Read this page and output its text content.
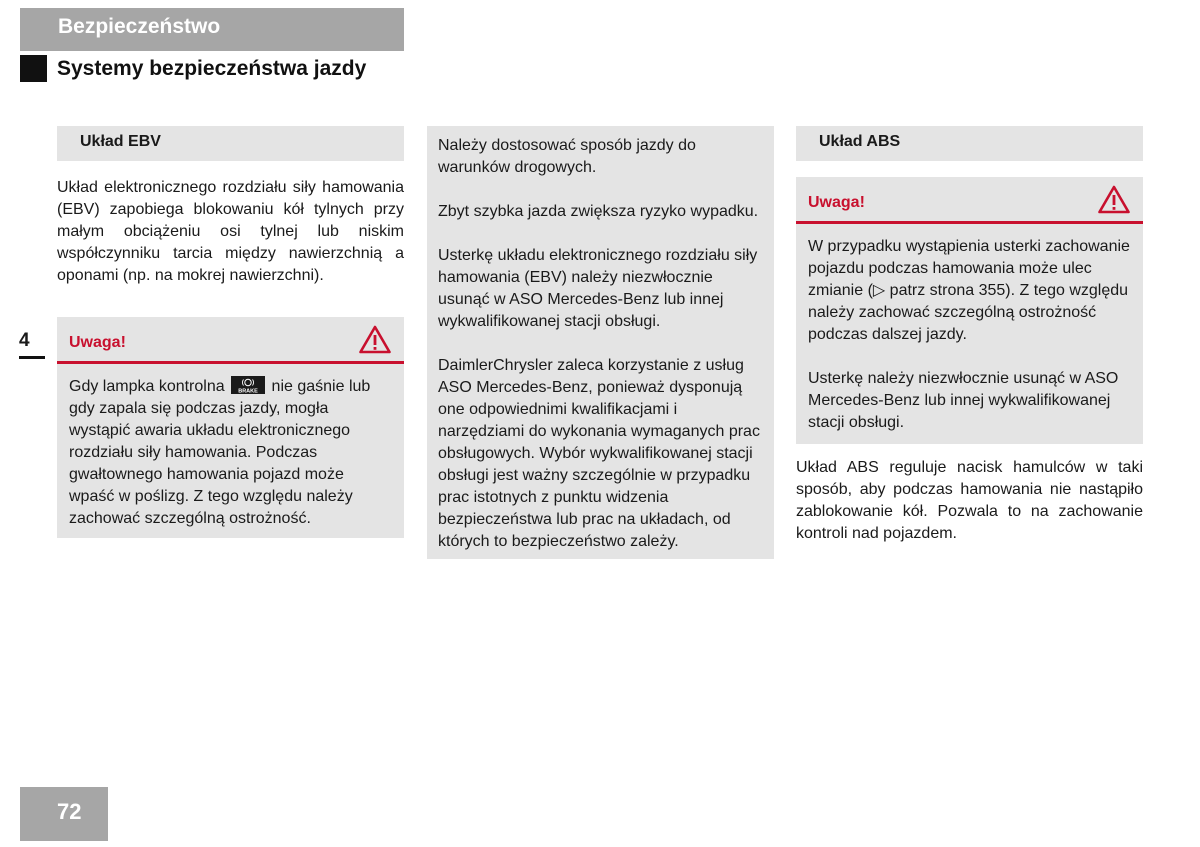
Bezpieczeństwo
Systemy bezpieczeństwa jazdy
4
Układ EBV

Układ elektronicznego rozdziału siły hamowania (EBV) zapobiega blokowaniu kół tylnych przy małym obciążeniu osi tylnej lub niskim współczynniku tarcia między nawierzchnią a oponami (np. na mokrej nawierzchni).

Uwaga!
Gdy lampka kontrolna BRAKE nie gaśnie lub gdy zapala się podczas jazdy, mogła wystąpić awaria układu elektronicznego rozdziału siły hamowania. Podczas gwałtownego hamowania pojazd może wpaść w poślizg. Z tego względu należy zachować szczególną ostrożność.

Należy dostosować sposób jazdy do warunków drogowych.

Zbyt szybka jazda zwiększa ryzyko wypadku.

Usterkę układu elektronicznego rozdziału siły hamowania (EBV) należy niezwłocznie usunąć w ASO Mercedes-Benz lub innej wykwalifikowanej stacji obsługi.

DaimlerChrysler zaleca korzystanie z usług ASO Mercedes-Benz, ponieważ dysponują one odpowiednimi kwalifikacjami i narzędziami do wykonania wymaganych prac obsługowych. Wybór wykwalifikowanej stacji obsługi jest ważny szczególnie w przypadku prac istotnych z punktu widzenia bezpieczeństwa lub prac na układach, od których to bezpieczeństwo zależy.

Układ ABS
Uwaga!

W przypadku wystąpienia usterki zachowanie pojazdu podczas hamowania może ulec zmianie (▷ patrz strona 355). Z tego względu należy zachować szczególną ostrożność podczas dalszej jazdy.

Usterkę należy niezwłocznie usunąć w ASO Mercedes-Benz lub innej wykwalifikowanej stacji obsługi.

Układ ABS reguluje nacisk hamulców w taki sposób, aby podczas hamowania nie nastąpiło zablokowanie kół. Pozwala to na zachowanie kontroli nad pojazdem.

72
